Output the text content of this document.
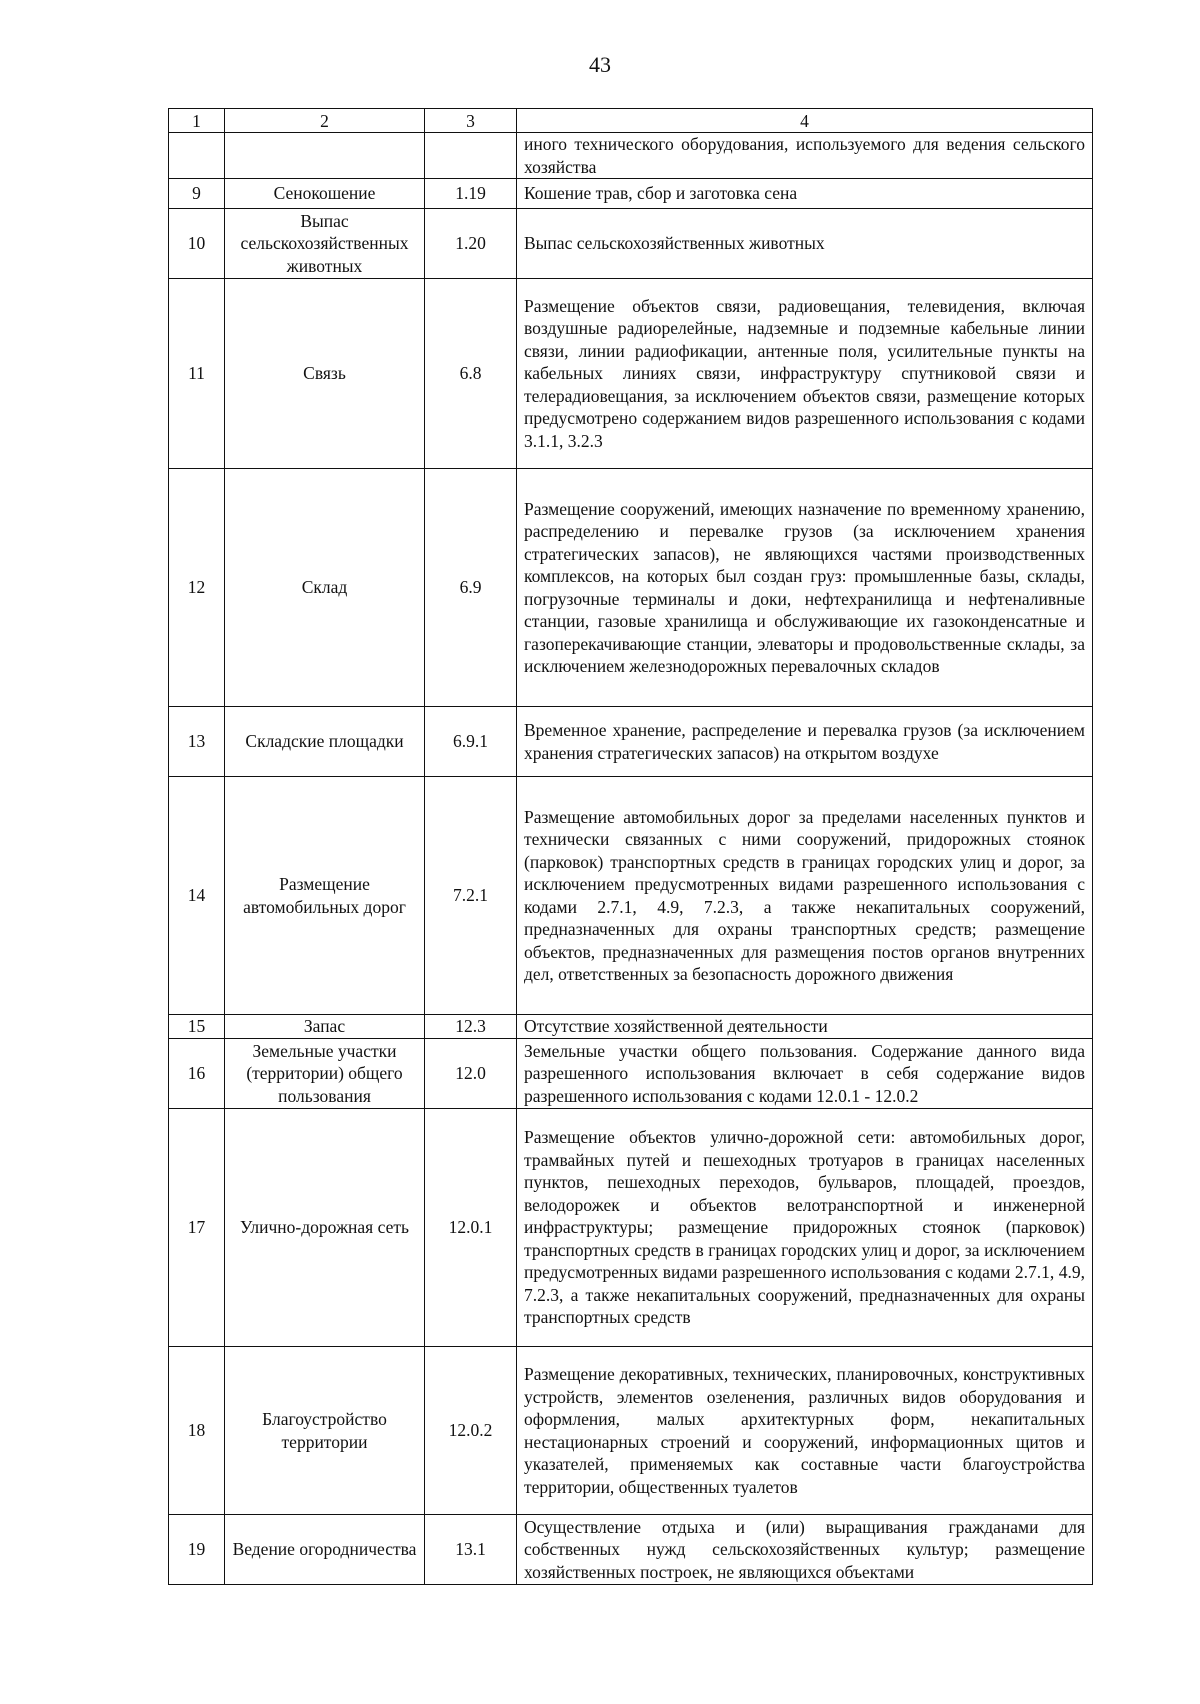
43
1	2	3	4
			иного технического оборудования, используемого для ведения сельского хозяйства
9	Сенокошение	1.19	Кошение трав, сбор и заготовка сена
10	Выпас сельскохозяйственных животных	1.20	Выпас сельскохозяйственных животных
11	Связь	6.8	Размещение объектов связи, радиовещания, телевидения, включая воздушные радиорелейные, надземные и подземные кабельные линии связи, линии радиофикации, антенные поля, усилительные пункты на кабельных линиях связи, инфраструктуру спутниковой связи и телерадиовещания, за исключением объектов связи, размещение которых предусмотрено содержанием видов разрешенного использования с кодами 3.1.1, 3.2.3
12	Склад	6.9	Размещение сооружений, имеющих назначение по временному хранению, распределению и перевалке грузов (за исключением хранения стратегических запасов), не являющихся частями производственных комплексов, на которых был создан груз: промышленные базы, склады, погрузочные терминалы и доки, нефтехранилища и нефтеналивные станции, газовые хранилища и обслуживающие их газоконденсатные и газоперекачивающие станции, элеваторы и продовольственные склады, за исключением железнодорожных перевалочных складов
13	Складские площадки	6.9.1	Временное хранение, распределение и перевалка грузов (за исключением хранения стратегических запасов) на открытом воздухе
14	Размещение автомобильных дорог	7.2.1	Размещение автомобильных дорог за пределами населенных пунктов и технически связанных с ними сооружений, придорожных стоянок (парковок) транспортных средств в границах городских улиц и дорог, за исключением предусмотренных видами разрешенного использования с кодами 2.7.1, 4.9, 7.2.3, а также некапитальных сооружений, предназначенных для охраны транспортных средств; размещение объектов, предназначенных для размещения постов органов внутренних дел, ответственных за безопасность дорожного движения
15	Запас	12.3	Отсутствие хозяйственной деятельности
16	Земельные участки (территории) общего пользования	12.0	Земельные участки общего пользования. Содержание данного вида разрешенного использования включает в себя содержание видов разрешенного использования с кодами 12.0.1 - 12.0.2
17	Улично-дорожная сеть	12.0.1	Размещение объектов улично-дорожной сети: автомобильных дорог, трамвайных путей и пешеходных тротуаров в границах населенных пунктов, пешеходных переходов, бульваров, площадей, проездов, велодорожек и объектов велотранспортной и инженерной инфраструктуры; размещение придорожных стоянок (парковок) транспортных средств в границах городских улиц и дорог, за исключением предусмотренных видами разрешенного использования с кодами 2.7.1, 4.9, 7.2.3, а также некапитальных сооружений, предназначенных для охраны транспортных средств
18	Благоустройство территории	12.0.2	Размещение декоративных, технических, планировочных, конструктивных устройств, элементов озеленения, различных видов оборудования и оформления, малых архитектурных форм, некапитальных нестационарных строений и сооружений, информационных щитов и указателей, применяемых как составные части благоустройства территории, общественных туалетов
19	Ведение огородничества	13.1	Осуществление отдыха и (или) выращивания гражданами для собственных нужд сельскохозяйственных культур; размещение хозяйственных построек, не являющихся объектами
